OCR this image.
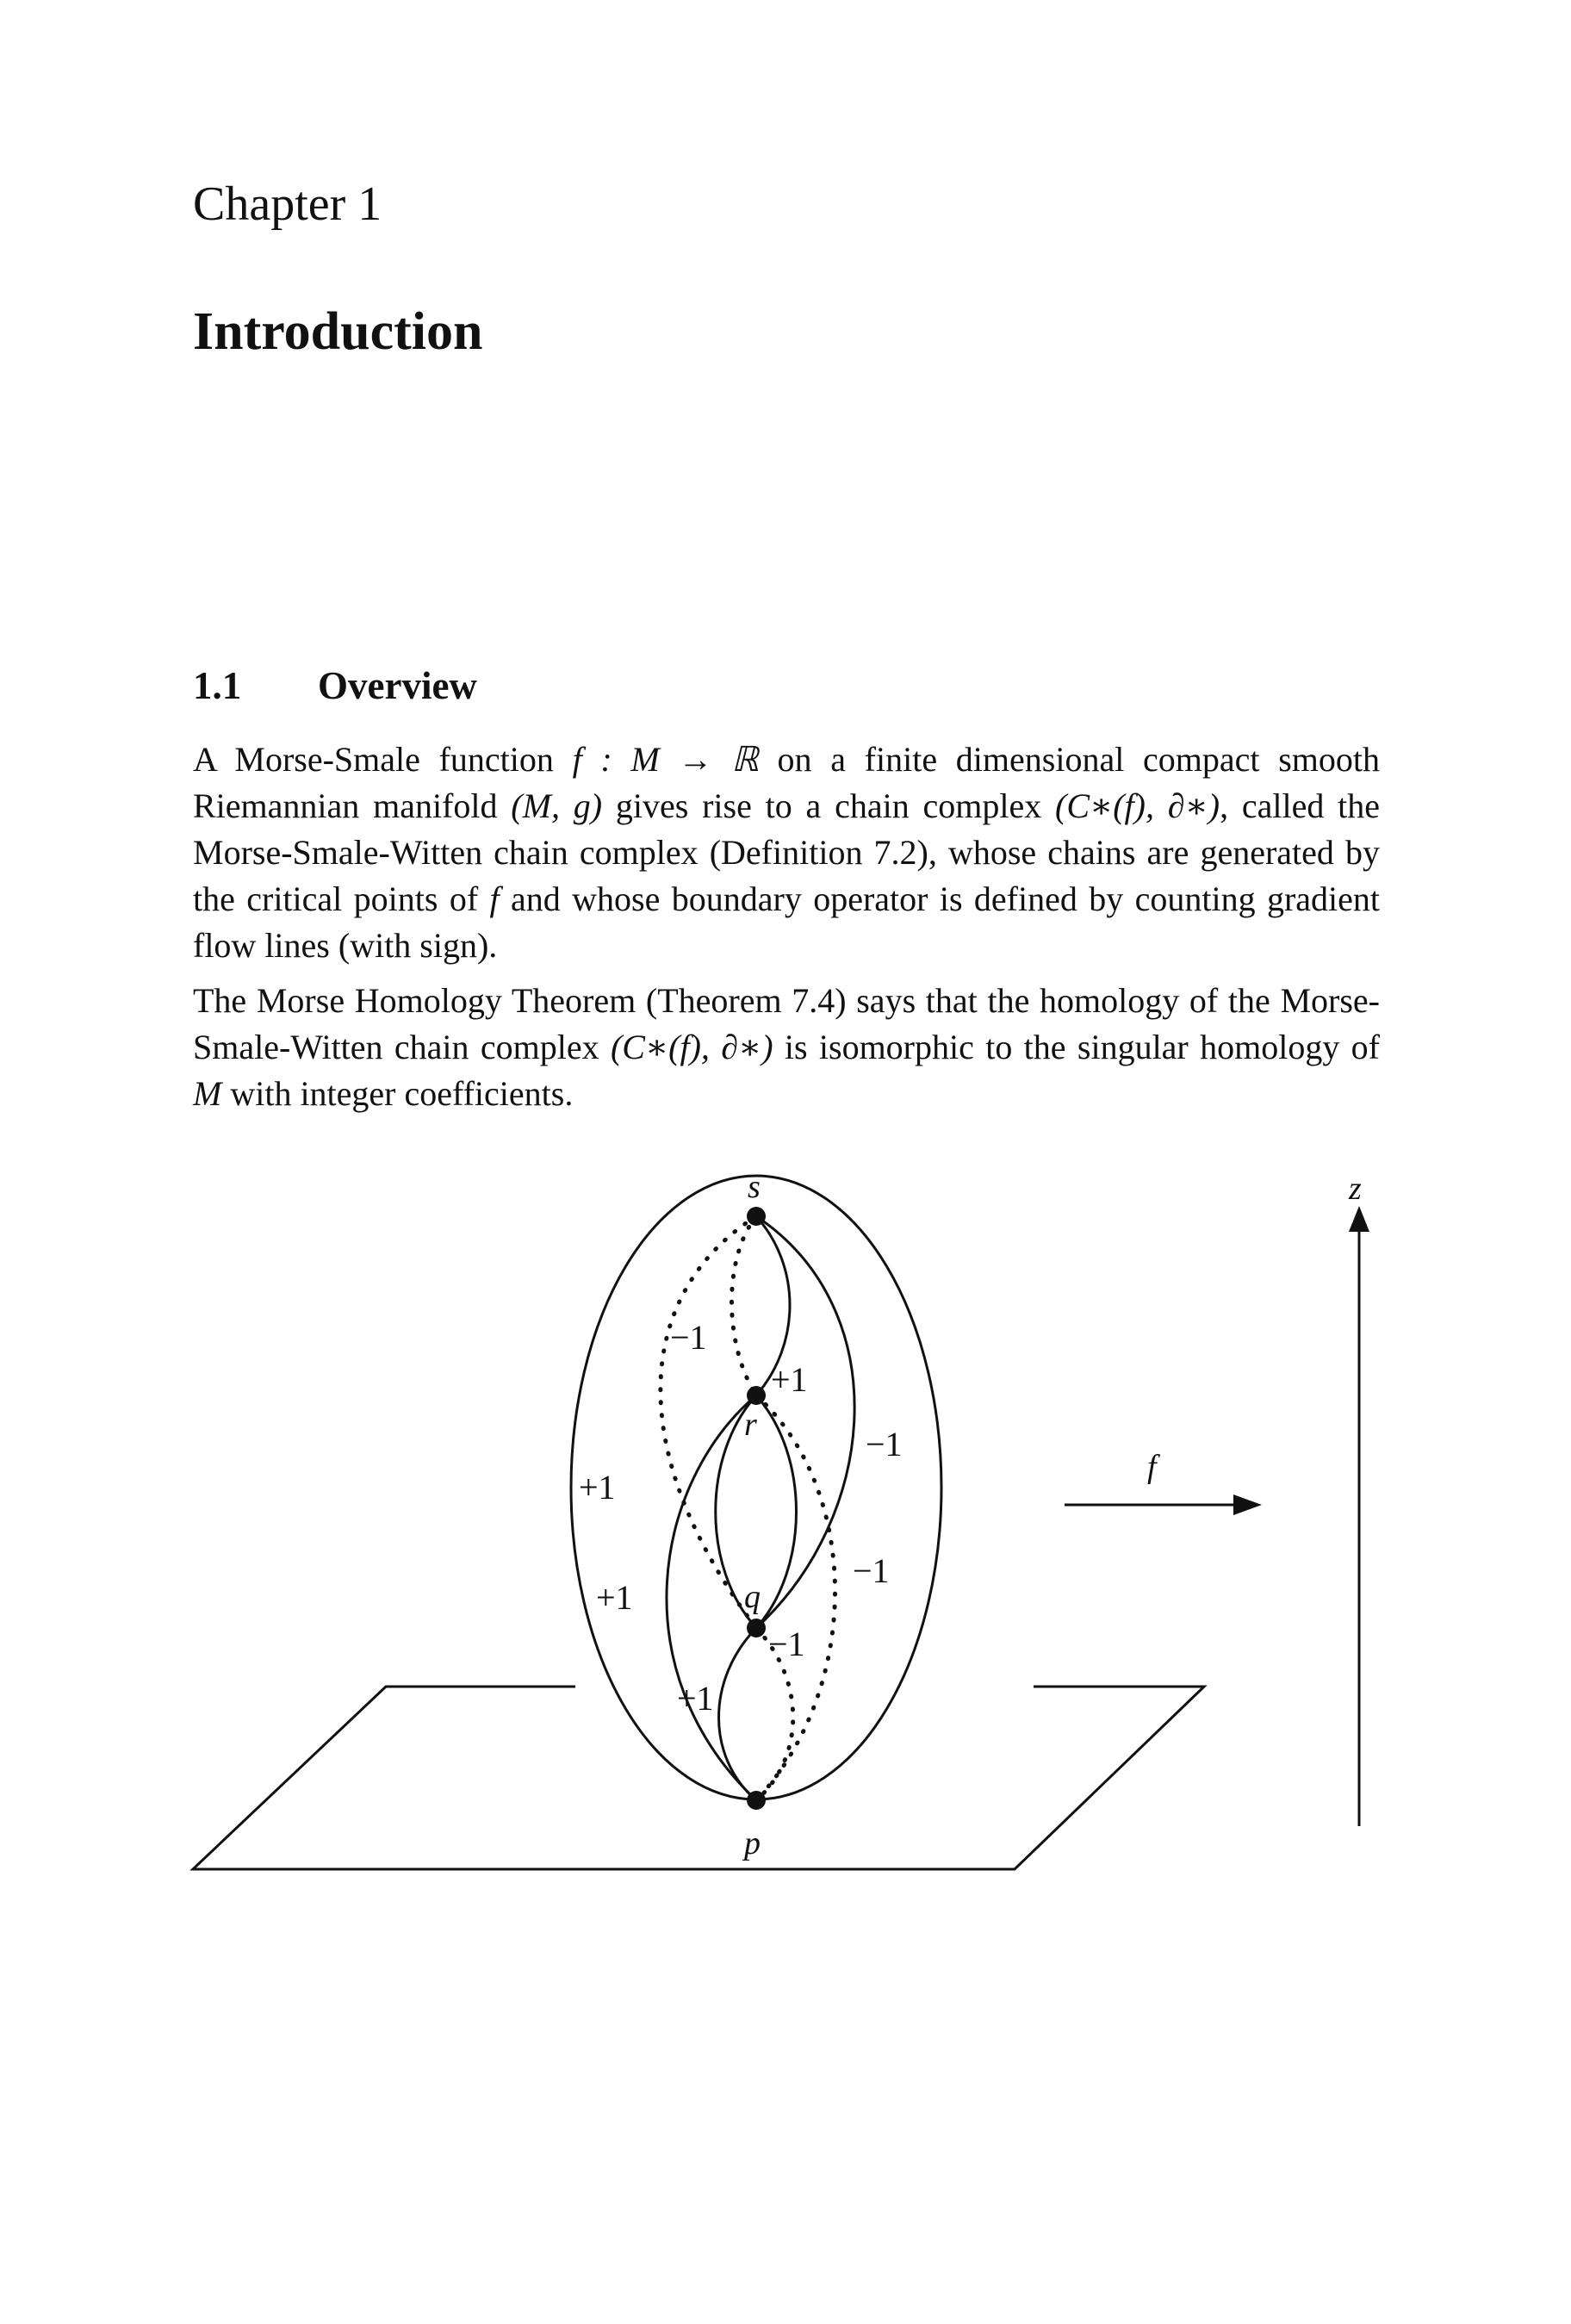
Chapter 1
Introduction
1.1 Overview

A Morse-Smale function f : M → ℝ on a finite dimensional compact smooth Riemannian manifold (M, g) gives rise to a chain complex (C∗(f), ∂∗), called the Morse-Smale-Witten chain complex (Definition 7.2), whose chains are generated by the critical points of f and whose boundary operator is defined by counting gradient flow lines (with sign).

The Morse Homology Theorem (Theorem 7.4) says that the homology of the Morse-Smale-Witten chain complex (C∗(f), ∂∗) is isomorphic to the singular homology of M with integer coefficients.

s
r
q
p
f
z
−1
+1
−1
+1
−1
+1
−1
+1
